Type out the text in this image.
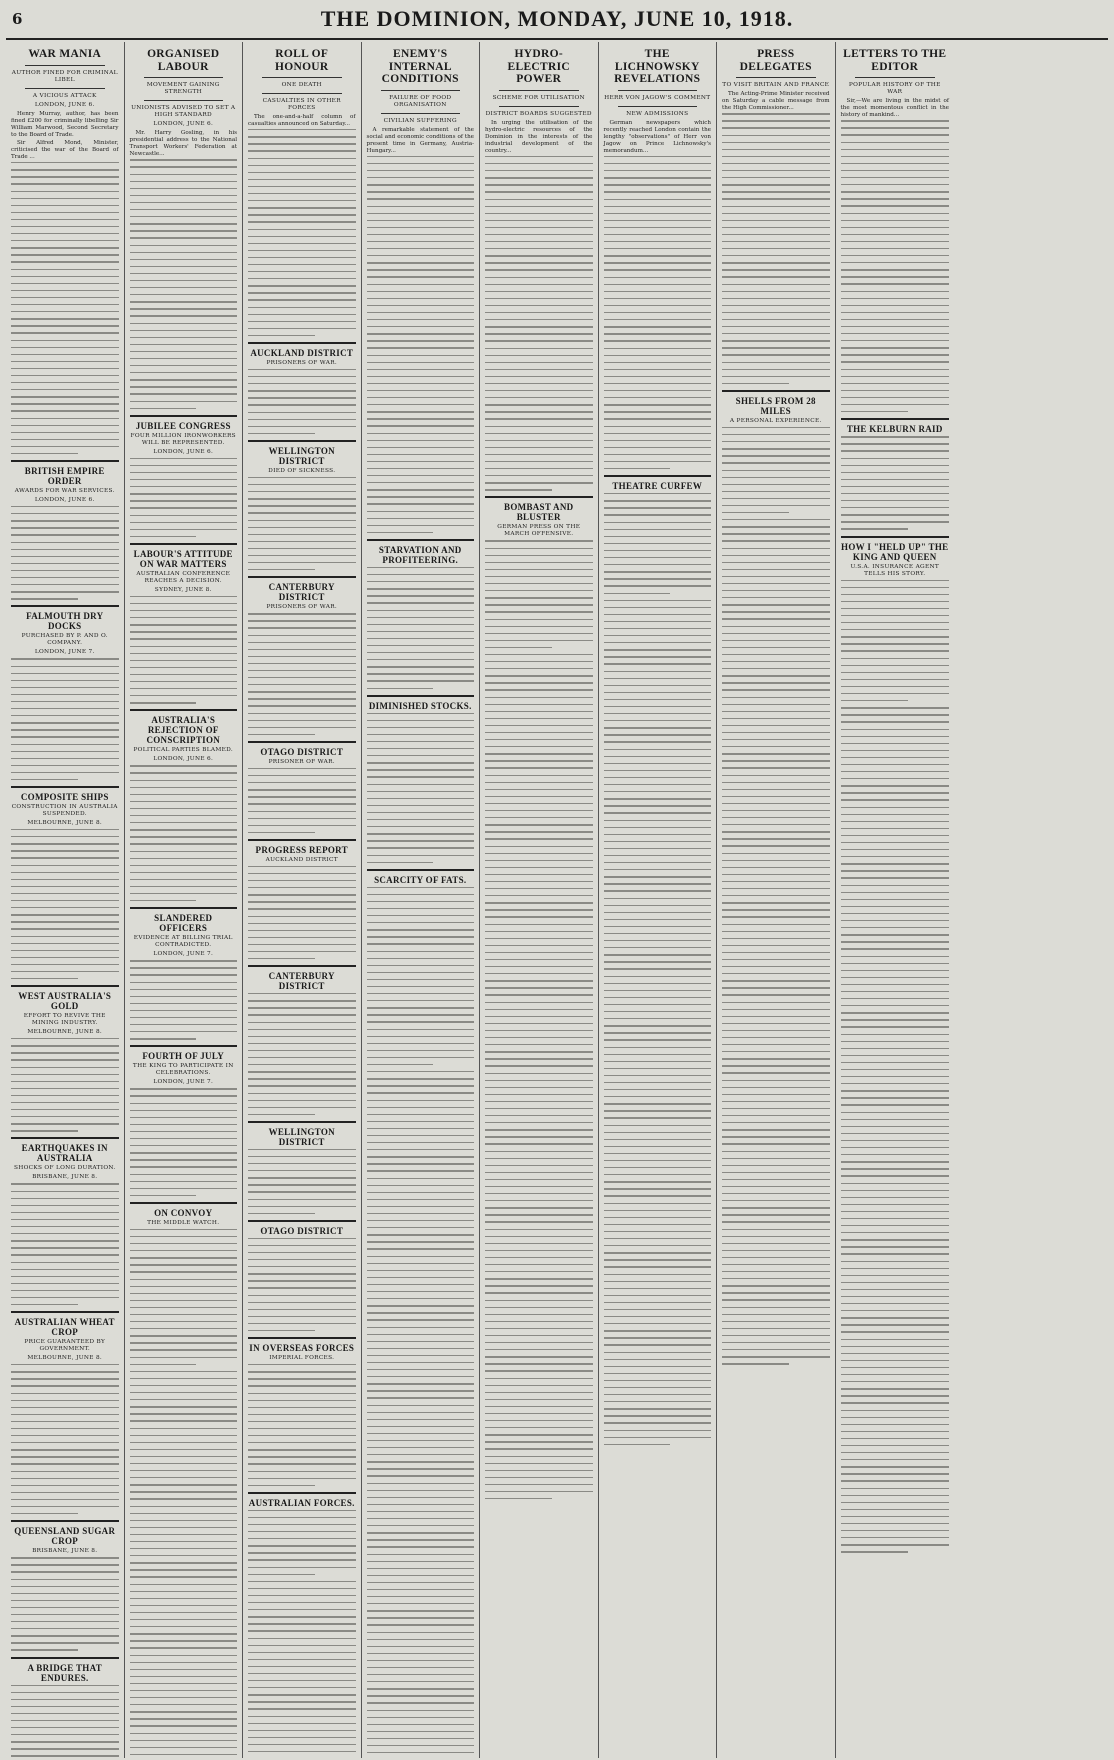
6	THE DOMINION, MONDAY, JUNE 10, 1918.
WAR MANIA
AUTHOR FINED FOR CRIMINAL LIBEL
A VICIOUS ATTACK
LONDON, JUNE 6.

Henry Murray, author, has been fined £200 for criminally libelling Sir William Marwood, Second Secretary to the Board of Trade.

Sir Alfred Mond, Minister, criticised the war of the Board of Trade ...

BRITISH EMPIRE ORDER
AWARDS FOR WAR SERVICES.
LONDON, JUNE 6.
FALMOUTH DRY DOCKS
PURCHASED BY P. AND O. COMPANY.
LONDON, JUNE 7.
COMPOSITE SHIPS
CONSTRUCTION IN AUSTRALIA SUSPENDED.
MELBOURNE, JUNE 8.
WEST AUSTRALIA'S GOLD
EFFORT TO REVIVE THE MINING INDUSTRY.
MELBOURNE, JUNE 8.
EARTHQUAKES IN AUSTRALIA
SHOCKS OF LONG DURATION.
BRISBANE, JUNE 8.
AUSTRALIAN WHEAT CROP
PRICE GUARANTEED BY GOVERNMENT.
MELBOURNE, JUNE 8.
QUEENSLAND SUGAR CROP
BRISBANE, JUNE 8.
A BRIDGE THAT ENDURES.
ORGANISED LABOUR
MOVEMENT GAINING STRENGTH
UNIONISTS ADVISED TO SET A HIGH STANDARD
LONDON, JUNE 6.

Mr. Harry Gosling, in his presidential address to the National Transport Workers' Federation at Newcastle...

JUBILEE CONGRESS
FOUR MILLION IRONWORKERS WILL BE REPRESENTED.
LONDON, JUNE 6.
LABOUR'S ATTITUDE ON WAR MATTERS
AUSTRALIAN CONFERENCE REACHES A DECISION.
SYDNEY, JUNE 8.
AUSTRALIA'S REJECTION OF CONSCRIPTION
POLITICAL PARTIES BLAMED.
LONDON, JUNE 6.
SLANDERED OFFICERS
EVIDENCE AT BILLING TRIAL CONTRADICTED.
LONDON, JUNE 7.
FOURTH OF JULY
THE KING TO PARTICIPATE IN CELEBRATIONS.
LONDON, JUNE 7.
ON CONVOY
THE MIDDLE WATCH.
ROLL OF HONOUR
ONE DEATH
CASUALTIES IN OTHER FORCES

The one-and-a-half column of casualties announced on Saturday...

AUCKLAND DISTRICT
PRISONERS OF WAR.
WELLINGTON DISTRICT
DIED OF SICKNESS.
CANTERBURY DISTRICT
PRISONERS OF WAR.
OTAGO DISTRICT
PRISONER OF WAR.
PROGRESS REPORT
AUCKLAND DISTRICT
CANTERBURY DISTRICT
WELLINGTON DISTRICT
OTAGO DISTRICT
IN OVERSEAS FORCES
IMPERIAL FORCES.
AUSTRALIAN FORCES.
ENEMY'S INTERNAL CONDITIONS
FAILURE OF FOOD ORGANISATION
CIVILIAN SUFFERING

A remarkable statement of the social and economic conditions of the present time in Germany, Austria-Hungary...

STARVATION AND PROFITEERING.
DIMINISHED STOCKS.
SCARCITY OF FATS.
HYDRO-ELECTRIC POWER
SCHEME FOR UTILISATION
DISTRICT BOARDS SUGGESTED

In urging the utilisation of the hydro-electric resources of the Dominion in the interests of the industrial development of the country...

BOMBAST AND BLUSTER
GERMAN PRESS ON THE MARCH OFFENSIVE.
THE LICHNOWSKY REVELATIONS
HERR VON JAGOW'S COMMENT
NEW ADMISSIONS

German newspapers which recently reached London contain the lengthy "observations" of Herr von Jagow on Prince Lichnowsky's memorandum...

THEATRE CURFEW
PRESS DELEGATES
TO VISIT BRITAIN AND FRANCE

The Acting-Prime Minister received on Saturday a cable message from the High Commissioner...

SHELLS FROM 28 MILES
A PERSONAL EXPERIENCE.
LETTERS TO THE EDITOR
POPULAR HISTORY OF THE WAR

Sir,—We are living in the midst of the most momentous conflict in the history of mankind...

THE KELBURN RAID
HOW I "HELD UP" THE KING AND QUEEN
U.S.A. INSURANCE AGENT TELLS HIS STORY.
